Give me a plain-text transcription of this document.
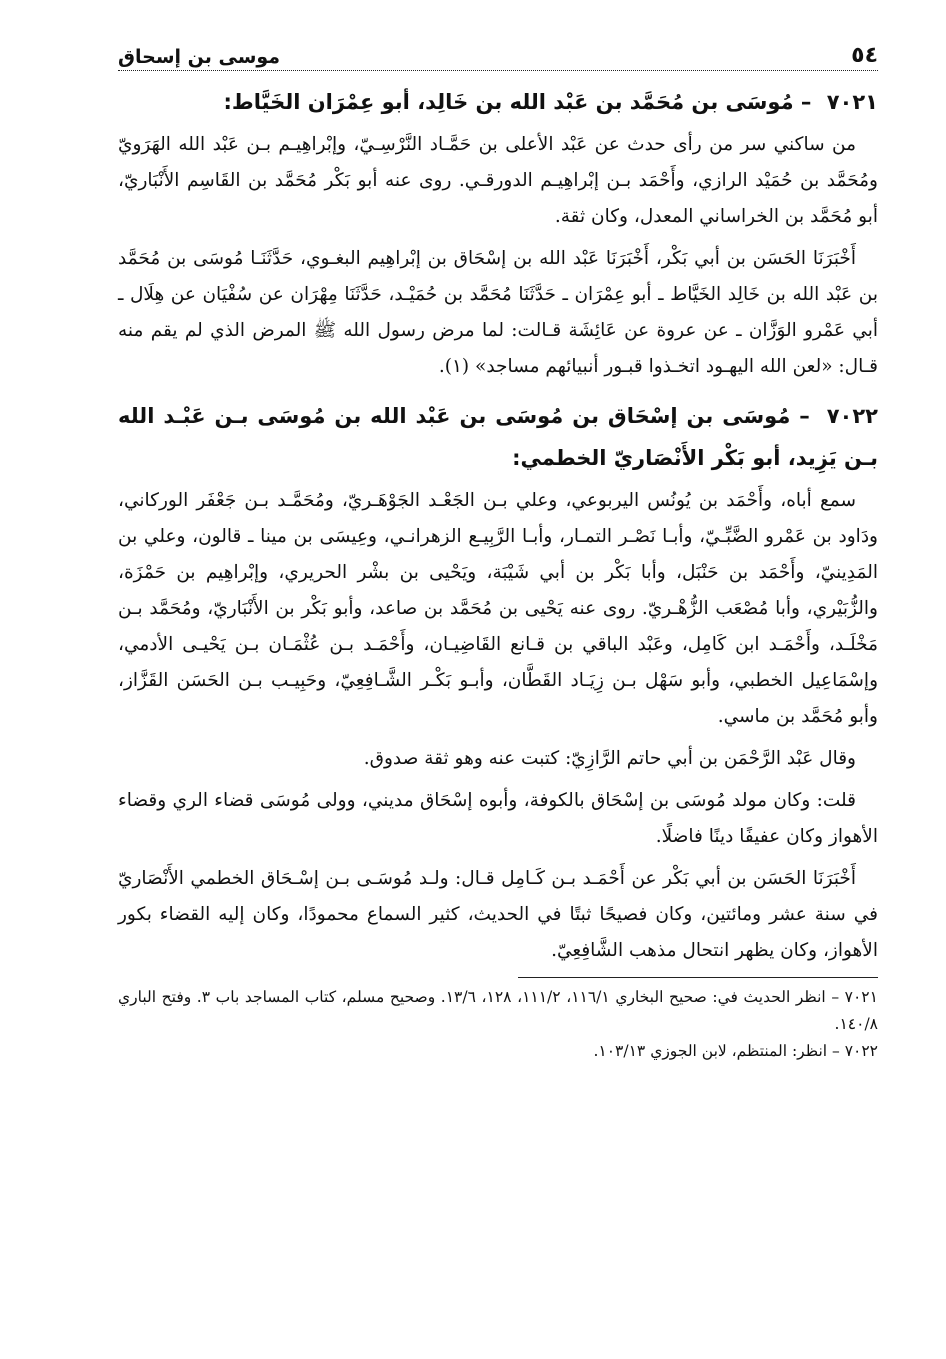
٥٤
موسى بن إسحاق
٧٠٢١ – مُوسَى بن مُحَمَّد بن عَبْد الله بن خَالِد، أبو عِمْرَان الخَيَّاط:

من ساكني سر من رأى حدث عن عَبْد الأعلى بن حَمَّـاد النَّرْسِـيّ، وإبْراهِيـم بـن عَبْد الله الهَرَويّ ومُحَمَّد بن حُمَيْد الرازي، وأَحْمَد بـن إبْراهِيـم الدورقـي. روى عنه أبو بَكْر مُحَمَّد بن القَاسِم الأَنْبَاريّ، أبو مُحَمَّد بن الخراساني المعدل، وكان ثقة.

أَخْبَرَنَا الحَسَن بن أبي بَكْر، أَخْبَرَنَا عَبْد الله بن إسْحَاق بن إبْراهِيم البغـوي، حَدَّثَنَـا مُوسَى بن مُحَمَّد بن عَبْد الله بن خَالِد الخَيَّاط ـ أبو عِمْرَان ـ حَدَّثَنَا مُحَمَّد بن حُمَيْـد، حَدَّثَنَا مِهْرَان عن سُفْيَان عن هِلَال ـ أبي عَمْرو الوَزَّان ـ عن عروة عن عَائِشَة قـالت: لما مرض رسول الله ﷺ المرض الذي لم يقم منه قـال: «لعن الله اليهـود اتخـذوا قبـور أنبيائهم مساجد» (١).

٧٠٢٢ – مُوسَى بن إسْحَاق بن مُوسَى بن عَبْد الله بن مُوسَى بـن عَبْـد الله بـن يَزِيد، أبو بَكْر الأَنْصَاريّ الخطمي:

سمع أباه، وأَحْمَد بن يُونُس اليربوعي، وعلي بـن الجَعْـد الجَوْهَـريّ، ومُحَمَّـد بـن جَعْفَر الوركاني، ودَاود بن عَمْرو الضَّبِّـيّ، وأبـا نَصْـر التمـار، وأبـا الرَّبِيـع الزهرانـي، وعِيسَى بن مينا ـ قالون، وعلي بن المَدِينيّ، وأَحْمَد بن حَنْبَل، وأبا بَكْر بن أبي شَيْبَة، ويَحْيى بن بشْر الحريري، وإبْراهِيم بن حَمْزَة، والزُّبَيْري، وأبا مُصْعَب الزُّهْـريّ. روى عنه يَحْيى بن مُحَمَّد بن صاعد، وأبو بَكْر بن الأَنْبَاريّ، ومُحَمَّد بـن مَخْلَـد، وأَحْمَـد ابن كَامِل، وعَبْد الباقي بن قـانع القَاضِيـان، وأَحْمَـد بـن عُثْمَـان بـن يَحْيـى الأدمي، وإسْمَاعِيل الخطبي، وأبو سَهْل بـن زِيَـاد القَطَّان، وأبـو بَكْـر الشَّـافِعِيّ، وحَبِيـب بـن الحَسَن القَزَّاز، وأبو مُحَمَّد بن ماسي.

وقال عَبْد الرَّحْمَن بن أبي حاتم الرَّازِيّ: كتبت عنه وهو ثقة صدوق.

قلت: وكان مولد مُوسَى بن إسْحَاق بالكوفة، وأبوه إسْحَاق مديني، وولى مُوسَى قضاء الري وقضاء الأهواز وكان عفيفًا دينًا فاضلًا.

أَخْبَرَنَا الحَسَن بن أبي بَكْر عن أَحْمَـد بـن كَـامِل قـال: ولـد مُوسَـى بـن إسْـحَاق الخطمي الأَنْصَاريّ في سنة عشر ومائتين، وكان فصيحًا ثبتًا في الحديث، كثير السماع محمودًا، وكان إليه القضاء بكور الأهواز، وكان يظهر انتحال مذهب الشَّافِعِيّ.

٧٠٢١ – انظر الحديث في: صحيح البخاري ١١٦/١، ١١١/٢، ١٢٨، ١٣/٦. وصحيح مسلم، كتاب المساجد باب ٣. وفتح الباري ١٤٠/٨.

٧٠٢٢ – انظر: المنتظم، لابن الجوزي ١٠٣/١٣.
